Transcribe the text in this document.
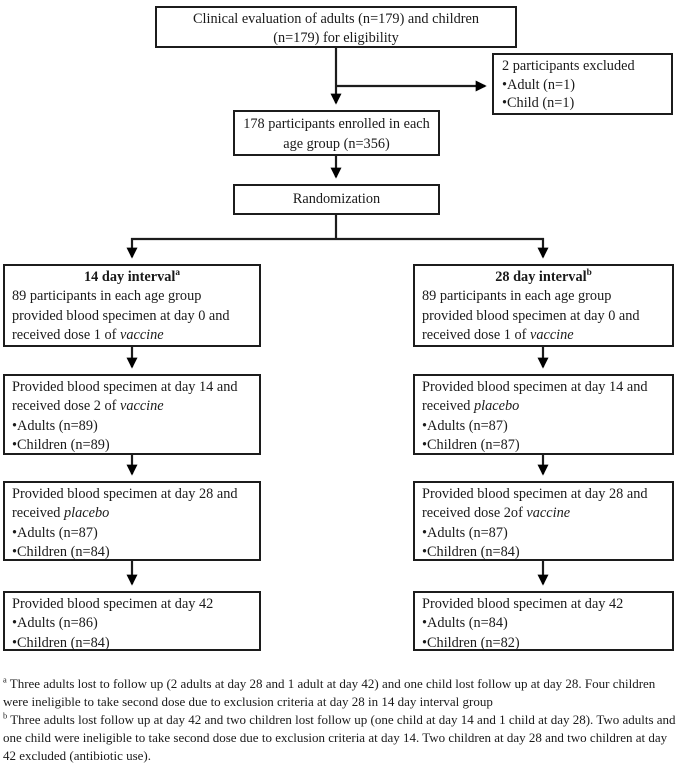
Clinical evaluation of adults (n=179) and children (n=179) for eligibility
2 participants excluded
•Adult (n=1)
•Child (n=1)
178 participants enrolled in each age group (n=356)
Randomization
14 day interval$^a$
89 participants in each age group provided blood specimen at day 0 and received dose 1 of vaccine
Provided blood specimen at day 14 and received dose 2 of vaccine
•Adults (n=89)
•Children (n=89)
Provided blood specimen at day 28 and received placebo
•Adults (n=87)
•Children (n=84)
Provided blood specimen at day 42
•Adults (n=86)
•Children (n=84)
28 day interval$^b$
89 participants in each age group provided blood specimen at day 0 and received dose 1 of vaccine
Provided blood specimen at day 14 and received placebo
•Adults (n=87)
•Children (n=87)
Provided blood specimen at day 28 and received dose 2of vaccine
•Adults (n=87)
•Children (n=84)
Provided blood specimen at day 42
•Adults (n=84)
•Children (n=82)

$^a$ Three adults lost to follow up (2 adults at day 28 and 1 adult at day 42) and one child lost follow up at day 28. Four children were ineligible to take second dose due to exclusion criteria at day 28 in 14 day interval group

$^b$ Three adults lost follow up at day 42 and two children lost follow up (one child at day 14 and 1 child at day 28). Two adults and one child were ineligible to take second dose due to exclusion criteria at day 14. Two children at day 28 and two children at day 42 excluded (antibiotic use).
